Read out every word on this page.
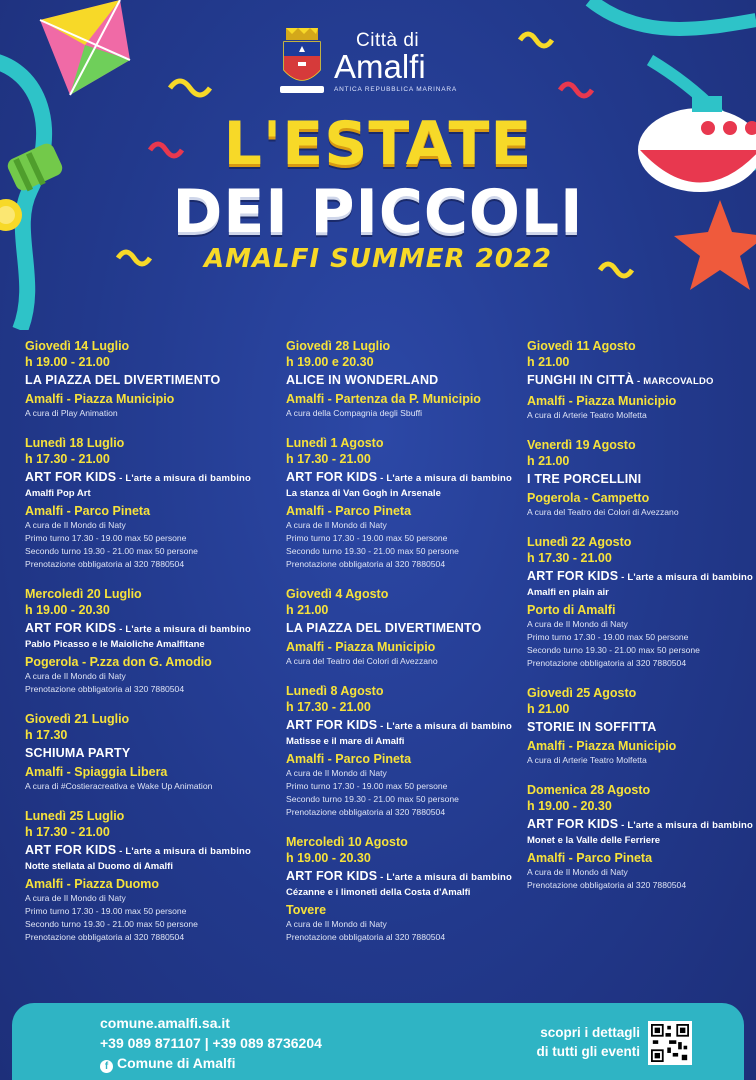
Città di
Amalfi
ANTICA REPUBBLICA MARINARA
L'ESTATE
DEI PICCOLI
AMALFI SUMMER 2022
Giovedì 14 Luglio
h 19.00 - 21.00
LA PIAZZA DEL DIVERTIMENTO
Amalfi - Piazza Municipio
A cura di Play Animation
Lunedì 18 Luglio
h 17.30 - 21.00
ART FOR KIDS - L'arte a misura di bambino
Amalfi Pop Art
Amalfi - Parco Pineta
A cura de Il Mondo di Naty
Primo turno 17.30 - 19.00 max 50 persone
Secondo turno 19.30 - 21.00 max 50 persone
Prenotazione obbligatoria al 320 7880504
Mercoledì 20 Luglio
h 19.00 - 20.30
ART FOR KIDS - L'arte a misura di bambino
Pablo Picasso e le Maioliche Amalfitane
Pogerola - P.zza don G. Amodio
A cura de Il Mondo di Naty
Prenotazione obbligatoria al 320 7880504
Giovedì 21 Luglio
h 17.30
SCHIUMA PARTY
Amalfi - Spiaggia Libera
A cura di #Costieracreativa e Wake Up Animation
Lunedì 25 Luglio
h 17.30 - 21.00
ART FOR KIDS - L'arte a misura di bambino
Notte stellata al Duomo di Amalfi
Amalfi - Piazza Duomo
A cura de Il Mondo di Naty
Primo turno 17.30 - 19.00 max 50 persone
Secondo turno 19.30 - 21.00 max 50 persone
Prenotazione obbligatoria al 320 7880504
Giovedì 28 Luglio
h 19.00 e 20.30
ALICE IN WONDERLAND
Amalfi - Partenza da P. Municipio
A cura della Compagnia degli Sbuffi
Lunedì 1 Agosto
h 17.30 - 21.00
ART FOR KIDS - L'arte a misura di bambino
La stanza di Van Gogh in Arsenale
Amalfi - Parco Pineta
A cura de Il Mondo di Naty
Primo turno 17.30 - 19.00 max 50 persone
Secondo turno 19.30 - 21.00 max 50 persone
Prenotazione obbligatoria al 320 7880504
Giovedì 4 Agosto
h 21.00
LA PIAZZA DEL DIVERTIMENTO
Amalfi - Piazza Municipio
A cura del Teatro dei Colori di Avezzano
Lunedì 8 Agosto
h 17.30 - 21.00
ART FOR KIDS - L'arte a misura di bambino
Matisse e il mare di Amalfi
Amalfi - Parco Pineta
A cura de Il Mondo di Naty
Primo turno 17.30 - 19.00 max 50 persone
Secondo turno 19.30 - 21.00 max 50 persone
Prenotazione obbligatoria al 320 7880504
Mercoledì 10 Agosto
h 19.00 - 20.30
ART FOR KIDS - L'arte a misura di bambino
Cézanne e i limoneti della Costa d'Amalfi
Tovere
A cura de Il Mondo di Naty
Prenotazione obbligatoria al 320 7880504
Giovedì 11 Agosto
h 21.00
FUNGHI IN CITTÀ - MARCOVALDO
Amalfi - Piazza Municipio
A cura di Arterie Teatro Molfetta
Venerdì 19 Agosto
h 21.00
I TRE PORCELLINI
Pogerola - Campetto
A cura del Teatro dei Colori di Avezzano
Lunedì 22 Agosto
h 17.30 - 21.00
ART FOR KIDS - L'arte a misura di bambino
Amalfi en plain air
Porto di Amalfi
A cura de Il Mondo di Naty
Primo turno 17.30 - 19.00 max 50 persone
Secondo turno 19.30 - 21.00 max 50 persone
Prenotazione obbligatoria al 320 7880504
Giovedì 25 Agosto
h 21.00
STORIE IN SOFFITTA
Amalfi - Piazza Municipio
A cura di Arterie Teatro Molfetta
Domenica 28 Agosto
h 19.00 - 20.30
ART FOR KIDS - L'arte a misura di bambino
Monet e la Valle delle Ferriere
Amalfi - Parco Pineta
A cura de Il Mondo di Naty
Prenotazione obbligatoria al 320 7880504
comune.amalfi.sa.it
+39 089 871107 | +39 089 8736204
f Comune di Amalfi
scopri i dettagli
di tutti gli eventi
